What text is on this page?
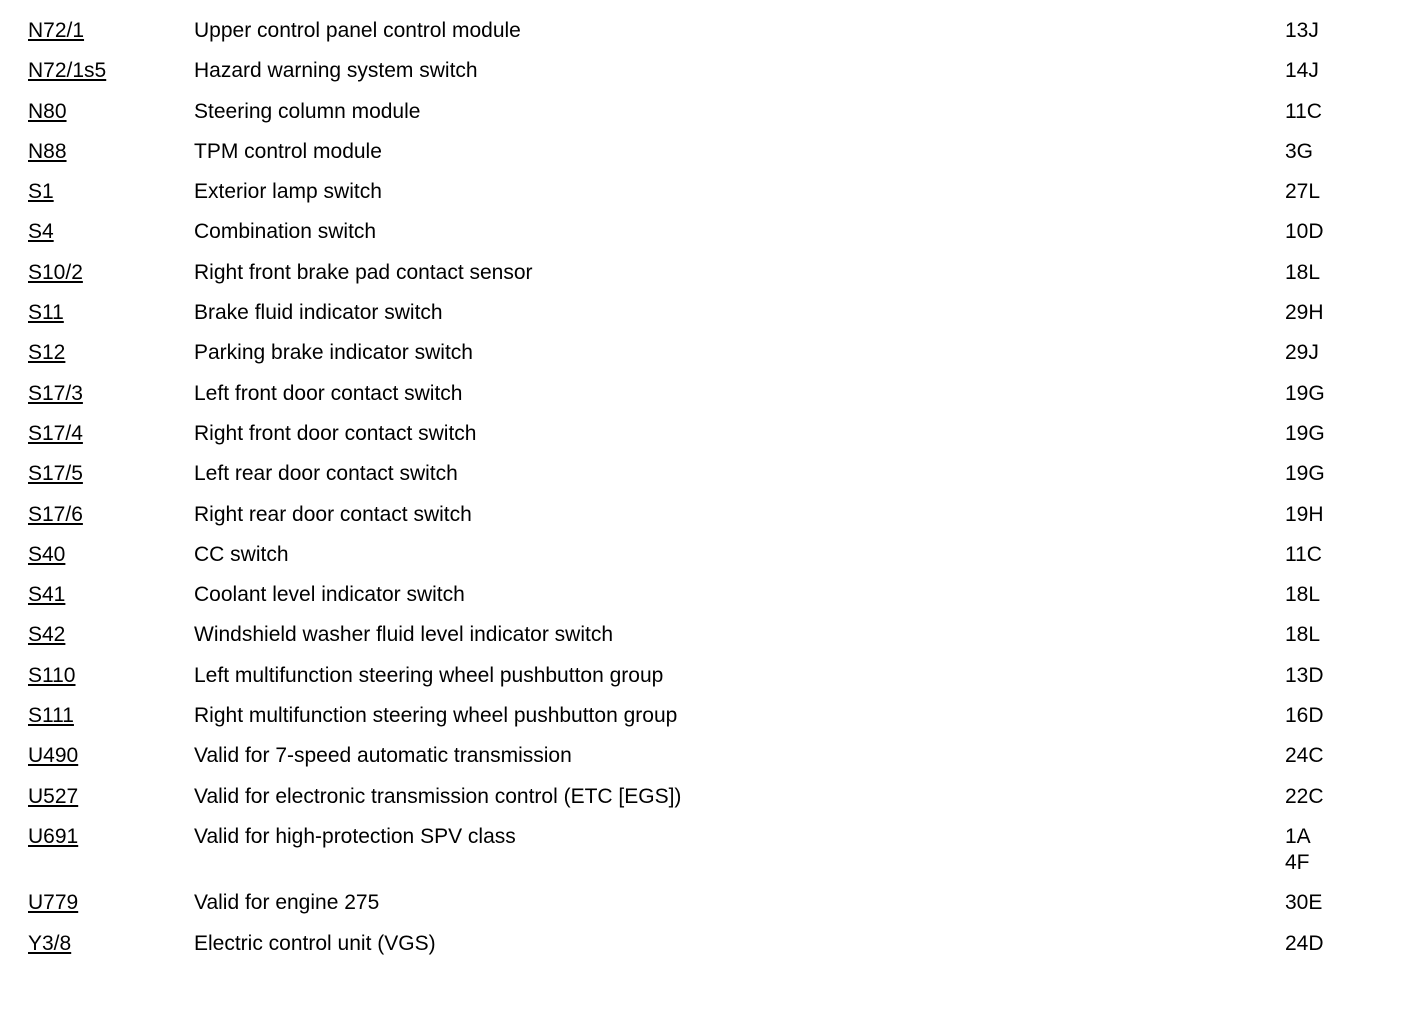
N72/1	Upper control panel control module	13J
N72/1s5	Hazard warning system switch	14J
N80	Steering column module	11C
N88	TPM control module	3G
S1	Exterior lamp switch	27L
S4	Combination switch	10D
S10/2	Right front brake pad contact sensor	18L
S11	Brake fluid indicator switch	29H
S12	Parking brake indicator switch	29J
S17/3	Left front door contact switch	19G
S17/4	Right front door contact switch	19G
S17/5	Left rear door contact switch	19G
S17/6	Right rear door contact switch	19H
S40	CC switch	11C
S41	Coolant level indicator switch	18L
S42	Windshield washer fluid level indicator switch	18L
S110	Left multifunction steering wheel pushbutton group	13D
S111	Right multifunction steering wheel pushbutton group	16D
U490	Valid for 7-speed automatic transmission	24C
U527	Valid for electronic transmission control (ETC [EGS])	22C
U691	Valid for high-protection SPV class	1A
4F
U779	Valid for engine 275	30E
Y3/8	Electric control unit (VGS)	24D
